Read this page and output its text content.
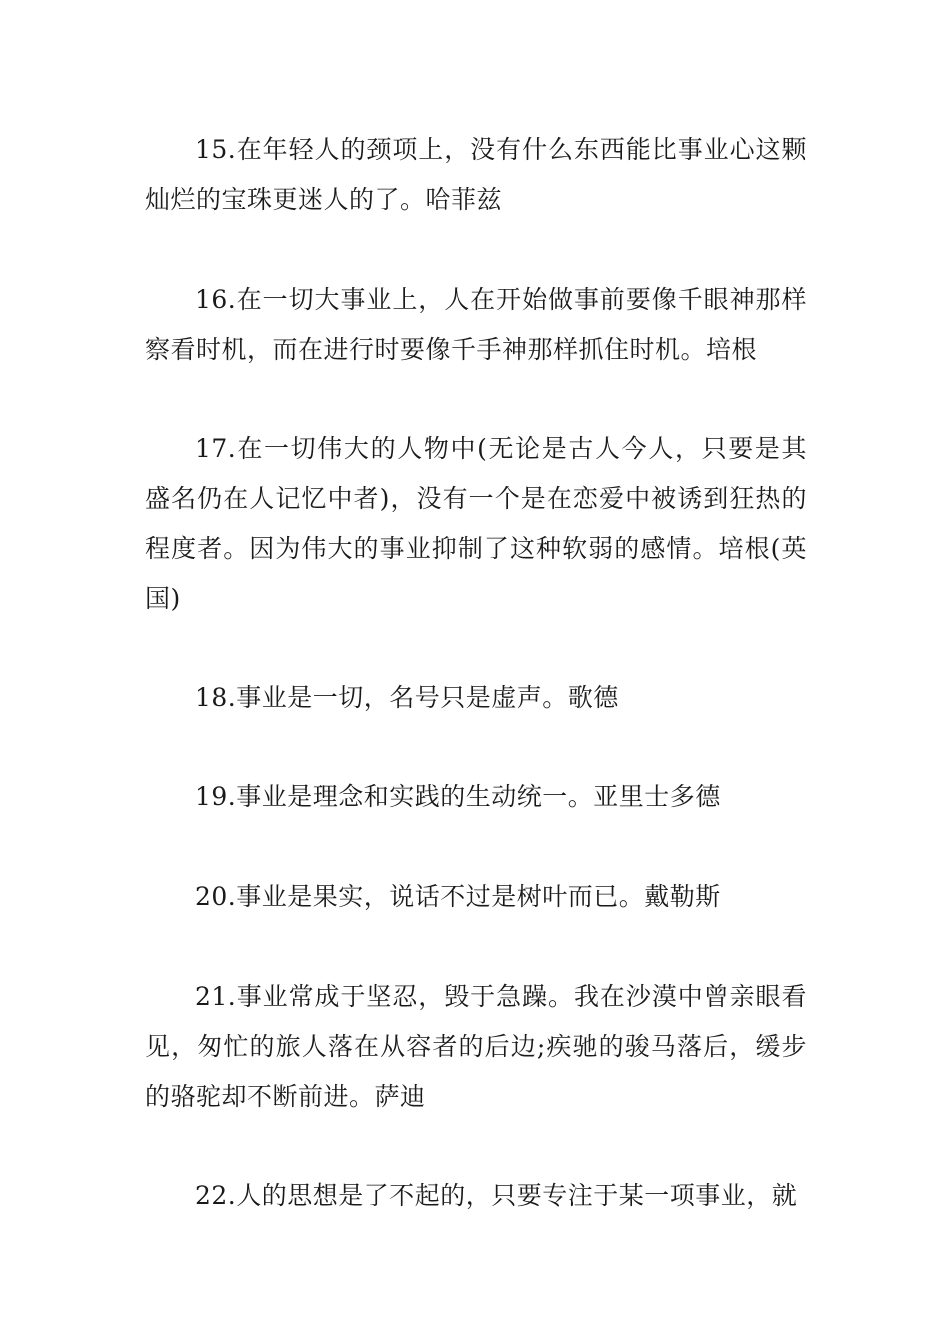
15.在年轻人的颈项上，没有什么东西能比事业心这颗灿烂的宝珠更迷人的了。哈菲兹

16.在一切大事业上，人在开始做事前要像千眼神那样察看时机，而在进行时要像千手神那样抓住时机。培根

17.在一切伟大的人物中(无论是古人今人，只要是其盛名仍在人记忆中者)，没有一个是在恋爱中被诱到狂热的程度者。因为伟大的事业抑制了这种软弱的感情。培根(英国)

18.事业是一切，名号只是虚声。歌德

19.事业是理念和实践的生动统一。亚里士多德

20.事业是果实，说话不过是树叶而已。戴勒斯

21.事业常成于坚忍，毁于急躁。我在沙漠中曾亲眼看见，匆忙的旅人落在从容者的后边;疾驰的骏马落后，缓步的骆驼却不断前进。萨迪

22.人的思想是了不起的，只要专注于某一项事业，就
